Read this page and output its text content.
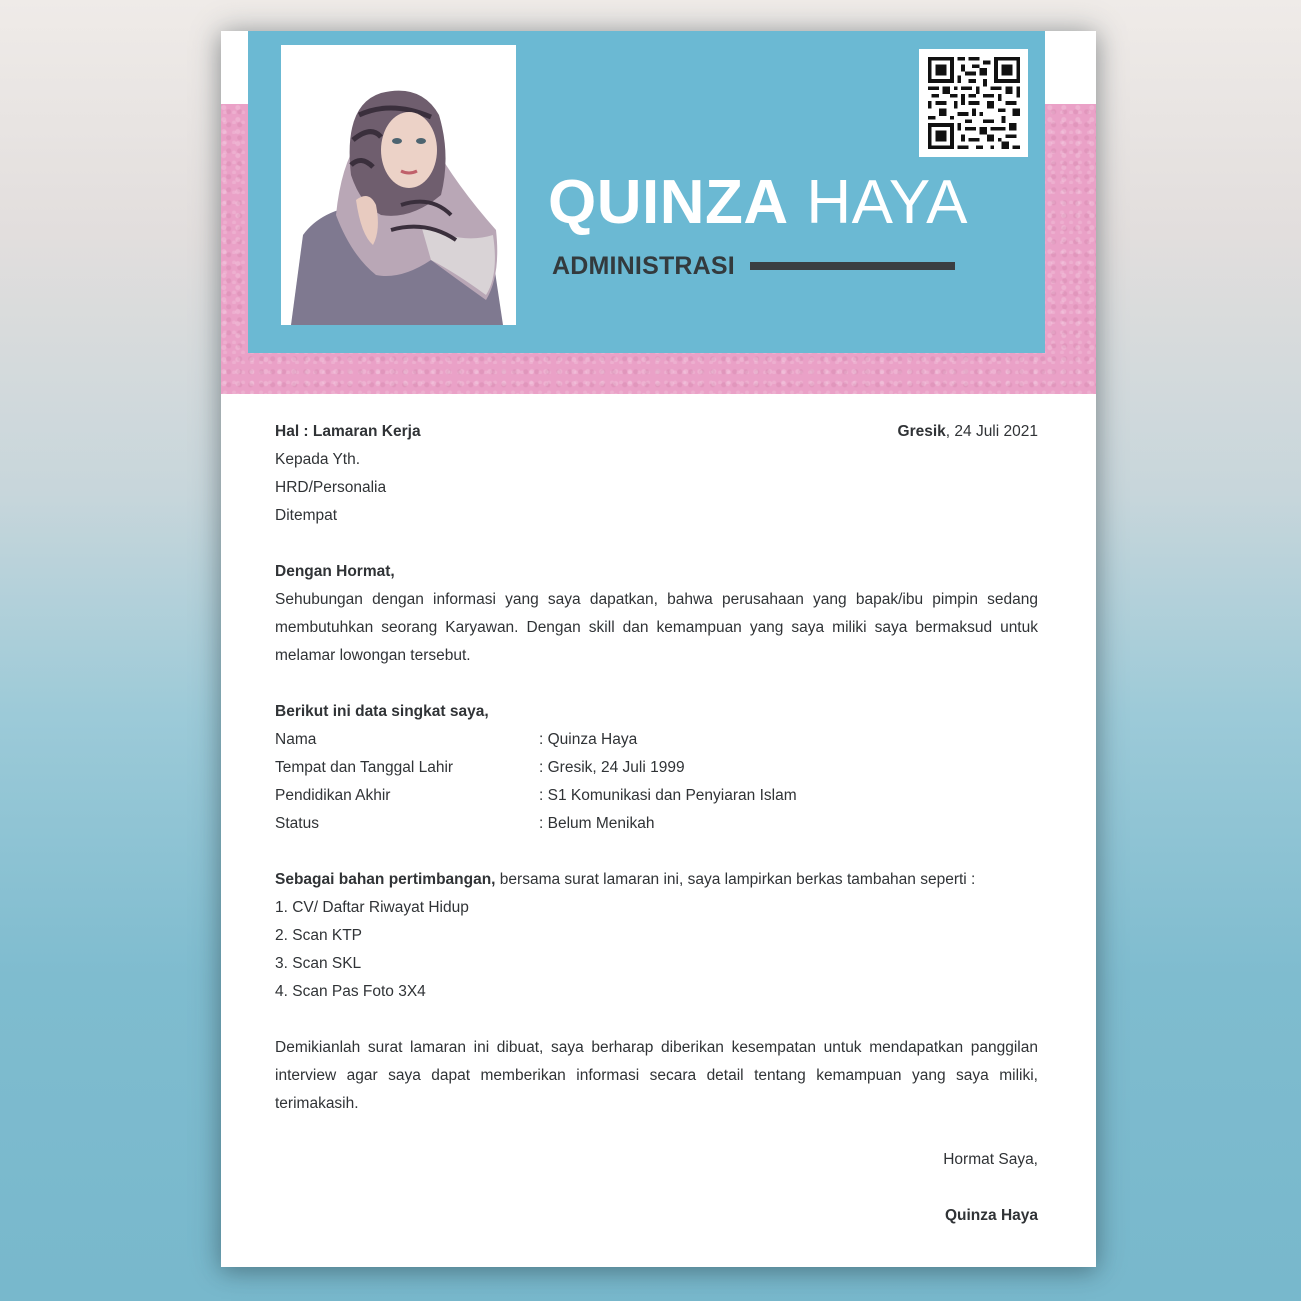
QUINZA HAYA
ADMINISTRASI
Hal : Lamaran Kerja	Gresik, 24 Juli 2021
Kepada Yth.
HRD/Personalia
Ditempat
Dengan Hormat,
Sehubungan dengan informasi yang saya dapatkan, bahwa perusahaan yang bapak/ibu pimpin sedang membutuhkan seorang Karyawan. Dengan skill dan kemampuan yang saya miliki saya bermaksud untuk melamar lowongan tersebut.
Berikut ini data singkat saya,
Nama	: Quinza Haya
Tempat dan Tanggal Lahir	: Gresik, 24 Juli 1999
Pendidikan Akhir	: S1 Komunikasi dan Penyiaran Islam
Status	: Belum Menikah
Sebagai bahan pertimbangan, bersama surat lamaran ini, saya lampirkan berkas tambahan seperti :
1. CV/ Daftar Riwayat Hidup
2. Scan KTP
3. Scan SKL
4. Scan Pas Foto 3X4
Demikianlah surat lamaran ini dibuat, saya berharap diberikan kesempatan untuk mendapatkan panggilan interview agar saya dapat memberikan informasi secara detail tentang kemampuan yang saya miliki, terimakasih.
Hormat Saya,
Quinza Haya
